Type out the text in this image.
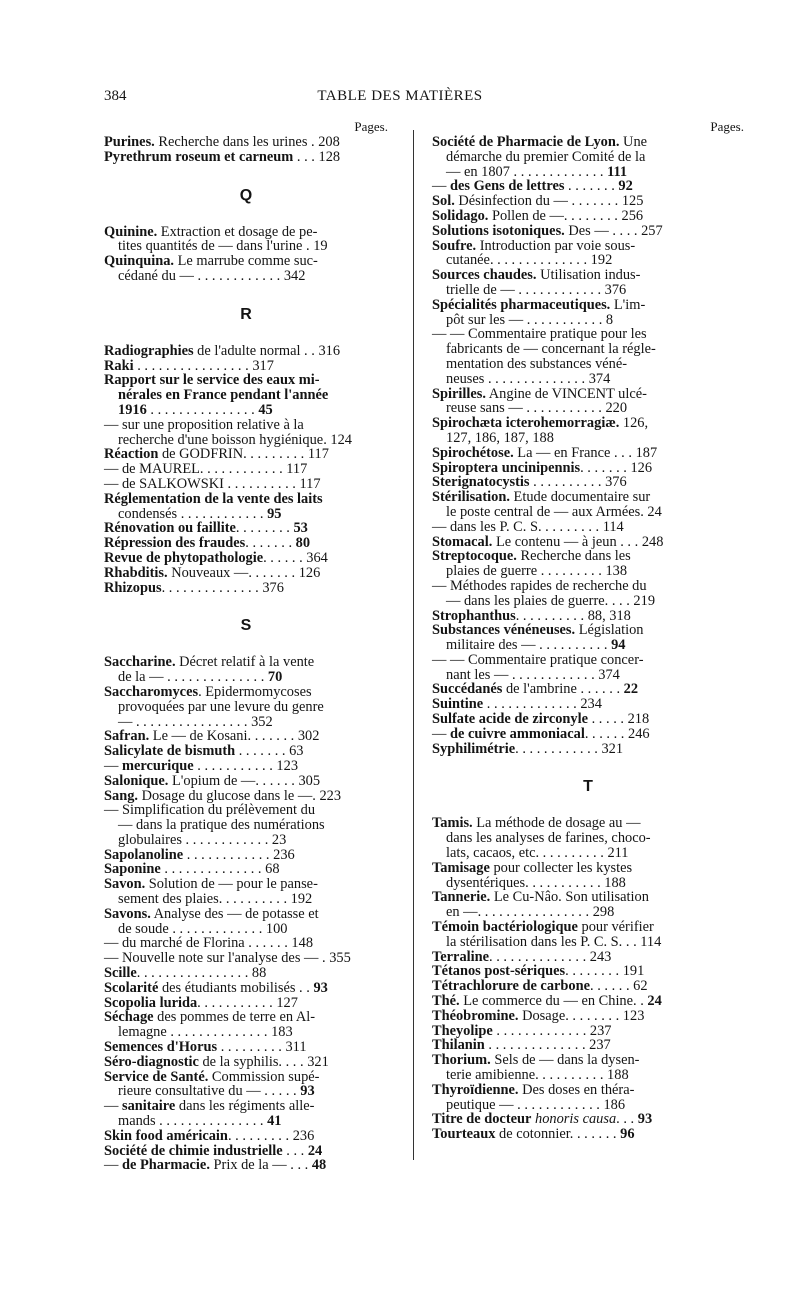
384	TABLE DES MATIÈRES
Pages.
Purines. Recherche dans les urines . 208
Pyrethrum roseum et carneum . . . 128
Q
Quinine. Extraction et dosage de pe-
tites quantités de — dans l'urine . 19
Quinquina. Le marrube comme suc-
cédané du — . . . . . . . . . . . . 342
R
Radiographies de l'adulte normal . . 316
Raki . . . . . . . . . . . . . . . . 317
Rapport sur le service des eaux mi-
nérales en France pendant l'année
1916 . . . . . . . . . . . . . . . 45
— sur une proposition relative à la
recherche d'une boisson hygiénique. 124
Réaction de GODFRIN. . . . . . . . . 117
— de MAUREL. . . . . . . . . . . . 117
— de SALKOWSKI . . . . . . . . . . 117
Réglementation de la vente des laits
condensés . . . . . . . . . . . . 95
Rénovation ou faillite. . . . . . . . 53
Répression des fraudes. . . . . . . 80
Revue de phytopathologie. . . . . . 364
Rhabditis. Nouveaux —. . . . . . . 126
Rhizopus. . . . . . . . . . . . . . 376
S
Saccharine. Décret relatif à la vente
de la — . . . . . . . . . . . . . . 70
Saccharomyces. Epidermomycoses
provoquées par une levure du genre
— . . . . . . . . . . . . . . . . 352
Safran. Le — de Kosani. . . . . . . 302
Salicylate de bismuth . . . . . . . 63
— mercurique . . . . . . . . . . . 123
Salonique. L'opium de —. . . . . . 305
Sang. Dosage du glucose dans le —. 223
— Simplification du prélèvement du
— dans la pratique des numérations
globulaires . . . . . . . . . . . . 23
Sapolanoline . . . . . . . . . . . . 236
Saponine . . . . . . . . . . . . . . 68
Savon. Solution de — pour le panse-
sement des plaies. . . . . . . . . . 192
Savons. Analyse des — de potasse et
de soude . . . . . . . . . . . . . 100
— du marché de Florina . . . . . . 148
— Nouvelle note sur l'analyse des — . 355
Scille. . . . . . . . . . . . . . . . 88
Scolarité des étudiants mobilisés . . 93
Scopolia lurida. . . . . . . . . . . 127
Séchage des pommes de terre en Al-
lemagne . . . . . . . . . . . . . . 183
Semences d'Horus . . . . . . . . . 311
Séro-diagnostic de la syphilis. . . . 321
Service de Santé. Commission supé-
rieure consultative du — . . . . . 93
— sanitaire dans les régiments alle-
mands . . . . . . . . . . . . . . . 41
Skin food américain. . . . . . . . . 236
Société de chimie industrielle . . . 24
— de Pharmacie. Prix de la — . . . 48
Pages.
Société de Pharmacie de Lyon. Une
démarche du premier Comité de la
— en 1807 . . . . . . . . . . . . . 111
— des Gens de lettres . . . . . . . 92
Sol. Désinfection du — . . . . . . . 125
Solidago. Pollen de —. . . . . . . . 256
Solutions isotoniques. Des — . . . . 257
Soufre. Introduction par voie sous-
cutanée. . . . . . . . . . . . . . 192
Sources chaudes. Utilisation indus-
trielle de — . . . . . . . . . . . . 376
Spécialités pharmaceutiques. L'im-
pôt sur les — . . . . . . . . . . . 8
— — Commentaire pratique pour les
fabricants de — concernant la régle-
mentation des substances véné-
neuses . . . . . . . . . . . . . . 374
Spirilles. Angine de VINCENT ulcé-
reuse sans — . . . . . . . . . . . 220
Spirochæta icterohemorragiæ. 126,
127, 186, 187, 188
Spirochétose. La — en France . . . 187
Spiroptera uncinipennis. . . . . . . 126
Sterignatocystis . . . . . . . . . . 376
Stérilisation. Etude documentaire sur
le poste central de — aux Armées. 24
— dans les P. C. S. . . . . . . . . 114
Stomacal. Le contenu — à jeun . . . 248
Streptocoque. Recherche dans les
plaies de guerre . . . . . . . . . 138
— Méthodes rapides de recherche du
— dans les plaies de guerre. . . . 219
Strophanthus. . . . . . . . . . 88, 318
Substances vénéneuses. Législation
militaire des — . . . . . . . . . . 94
— — Commentaire pratique concer-
nant les — . . . . . . . . . . . . 374
Succédanés de l'ambrine . . . . . . 22
Suintine . . . . . . . . . . . . . 234
Sulfate acide de zirconyle . . . . . 218
— de cuivre ammoniacal. . . . . . 246
Syphilimétrie. . . . . . . . . . . . 321
T
Tamis. La méthode de dosage au —
dans les analyses de farines, choco-
lats, cacaos, etc. . . . . . . . . . 211
Tamisage pour collecter les kystes
dysentériques. . . . . . . . . . . 188
Tannerie. Le Cu-Nâo. Son utilisation
en —. . . . . . . . . . . . . . . . 298
Témoin bactériologique pour vérifier
la stérilisation dans les P. C. S. . . 114
Terraline. . . . . . . . . . . . . . 243
Tétanos post-sériques. . . . . . . . 191
Tétrachlorure de carbone. . . . . . 62
Thé. Le commerce du — en Chine. . 24
Théobromine. Dosage. . . . . . . . 123
Theyolipe . . . . . . . . . . . . . 237
Thilanin . . . . . . . . . . . . . . 237
Thorium. Sels de — dans la dysen-
terie amibienne. . . . . . . . . . 188
Thyroïdienne. Des doses en théra-
peutique — . . . . . . . . . . . . 186
Titre de docteur honoris causa. . . 93
Tourteaux de cotonnier. . . . . . . 96
